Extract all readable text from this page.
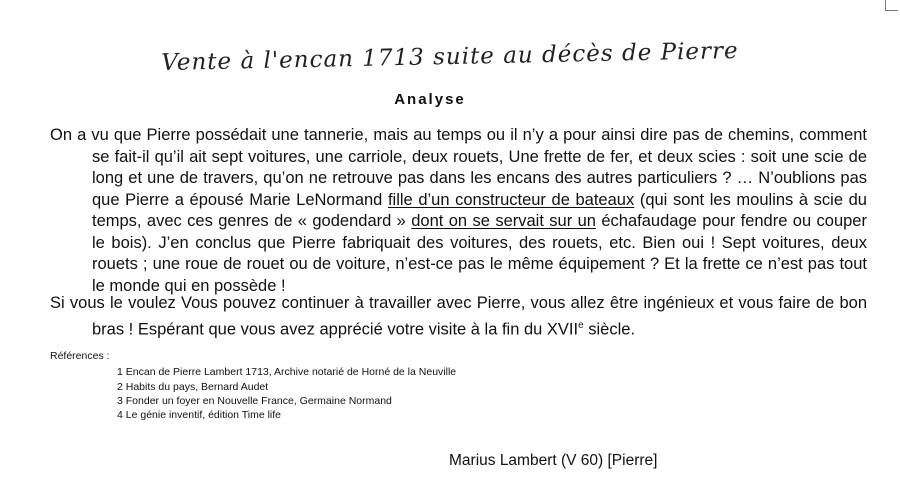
Vente à l'encan 1713 suite au décès de Pierre
Analyse

On a vu que Pierre possédait une tannerie, mais au temps ou il n’y a pour ainsi dire pas de chemins, comment se fait-il qu’il ait sept voitures, une carriole, deux rouets, Une frette de fer, et deux scies : soit une scie de long et une de travers, qu’on ne retrouve pas dans les encans des autres particuliers ? … N’oublions pas que Pierre a épousé Marie LeNormand fille d’un constructeur de bateaux (qui sont les moulins à scie du temps, avec ces genres de « godendard » dont on se servait sur un échafaudage pour fendre ou couper le bois). J’en conclus que Pierre fabriquait des voitures, des rouets, etc. Bien oui ! Sept voitures, deux rouets ; une roue de rouet ou de voiture, n’est-ce pas le même équipement ? Et la frette ce n’est pas tout le monde qui en possède !

Si vous le voulez Vous pouvez continuer à travailler avec Pierre, vous allez être ingénieux et vous faire de bon bras ! Espérant que vous avez apprécié votre visite à la fin du XVIIe siècle.

Références :
1 Encan de Pierre Lambert 1713, Archive notarié de Horné de la Neuville
2 Habits du pays, Bernard Audet
3 Fonder un foyer en Nouvelle France, Germaine Normand
4 Le génie inventif, édition Time life
Marius Lambert (V 60) [Pierre]
